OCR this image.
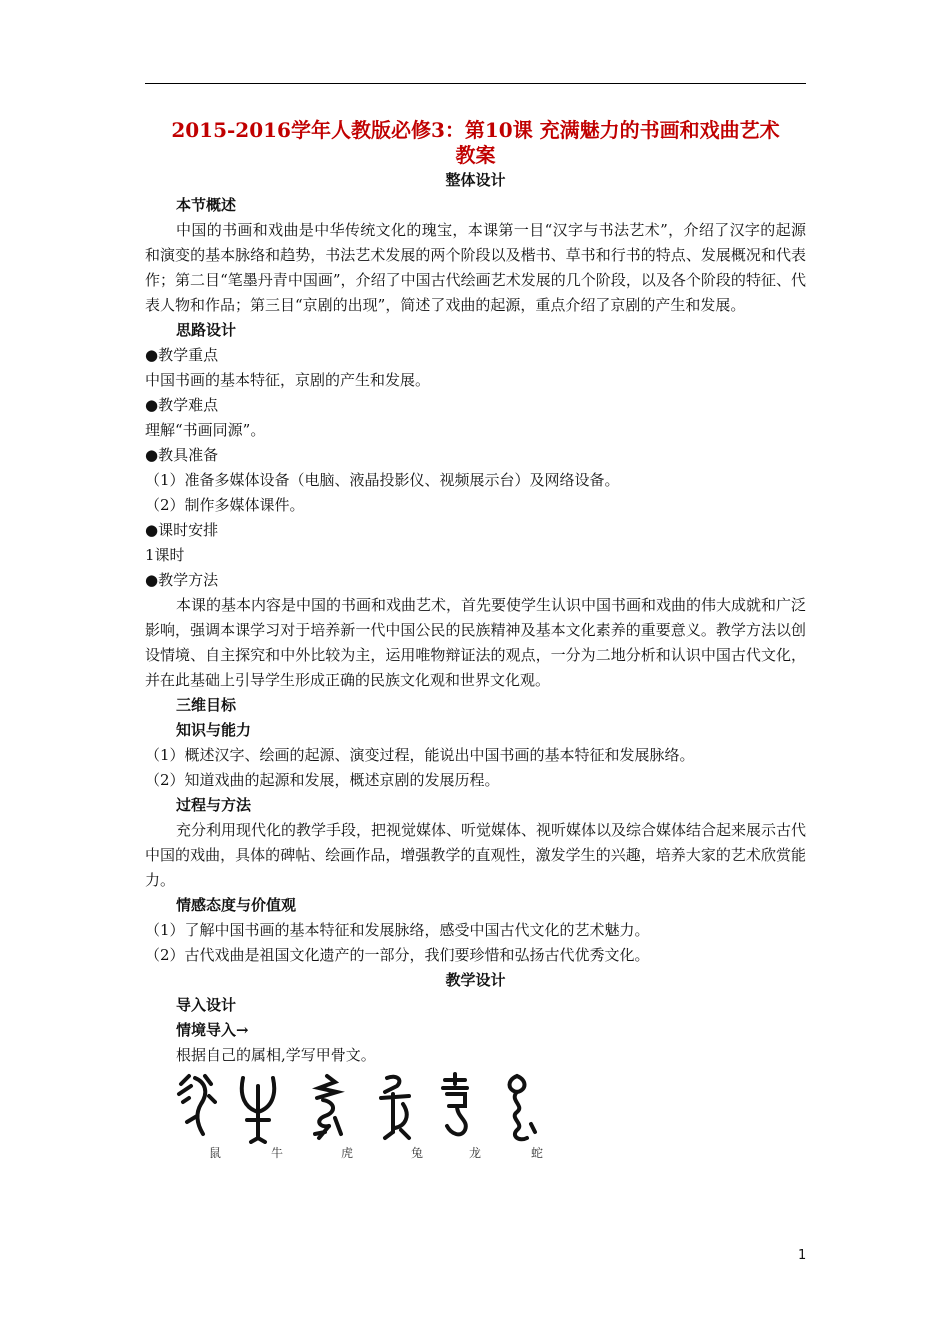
2015-2016学年人教版必修3：第10课 充满魅力的书画和戏曲艺术

教案

整体设计

本节概述

中国的书画和戏曲是中华传统文化的瑰宝，本课第一目“汉字与书法艺术”，介绍了汉字的起源和演变的基本脉络和趋势，书法艺术发展的两个阶段以及楷书、草书和行书的特点、发展概况和代表作；第二目“笔墨丹青中国画”，介绍了中国古代绘画艺术发展的几个阶段，以及各个阶段的特征、代表人物和作品；第三目“京剧的出现”，简述了戏曲的起源，重点介绍了京剧的产生和发展。

思路设计

●教学重点

中国书画的基本特征，京剧的产生和发展。

●教学难点

理解“书画同源”。

●教具准备

（1）准备多媒体设备（电脑、液晶投影仪、视频展示台）及网络设备。

（2）制作多媒体课件。

●课时安排

1课时

●教学方法

本课的基本内容是中国的书画和戏曲艺术，首先要使学生认识中国书画和戏曲的伟大成就和广泛影响，强调本课学习对于培养新一代中国公民的民族精神及基本文化素养的重要意义。教学方法以创设情境、自主探究和中外比较为主，运用唯物辩证法的观点，一分为二地分析和认识中国古代文化，并在此基础上引导学生形成正确的民族文化观和世界文化观。

三维目标

知识与能力

（1）概述汉字、绘画的起源、演变过程，能说出中国书画的基本特征和发展脉络。

（2）知道戏曲的起源和发展，概述京剧的发展历程。

过程与方法

充分利用现代化的教学手段，把视觉媒体、听觉媒体、视听媒体以及综合媒体结合起来展示古代中国的戏曲，具体的碑帖、绘画作品，增强教学的直观性，激发学生的兴趣，培养大家的艺术欣赏能力。

情感态度与价值观

（1）了解中国书画的基本特征和发展脉络，感受中国古代文化的艺术魅力。

（2）古代戏曲是祖国文化遗产的一部分，我们要珍惜和弘扬古代优秀文化。

教学设计

导入设计

情境导入→

根据自己的属相,学写甲骨文。

鼠	牛	虎	兔	龙	蛇
1
